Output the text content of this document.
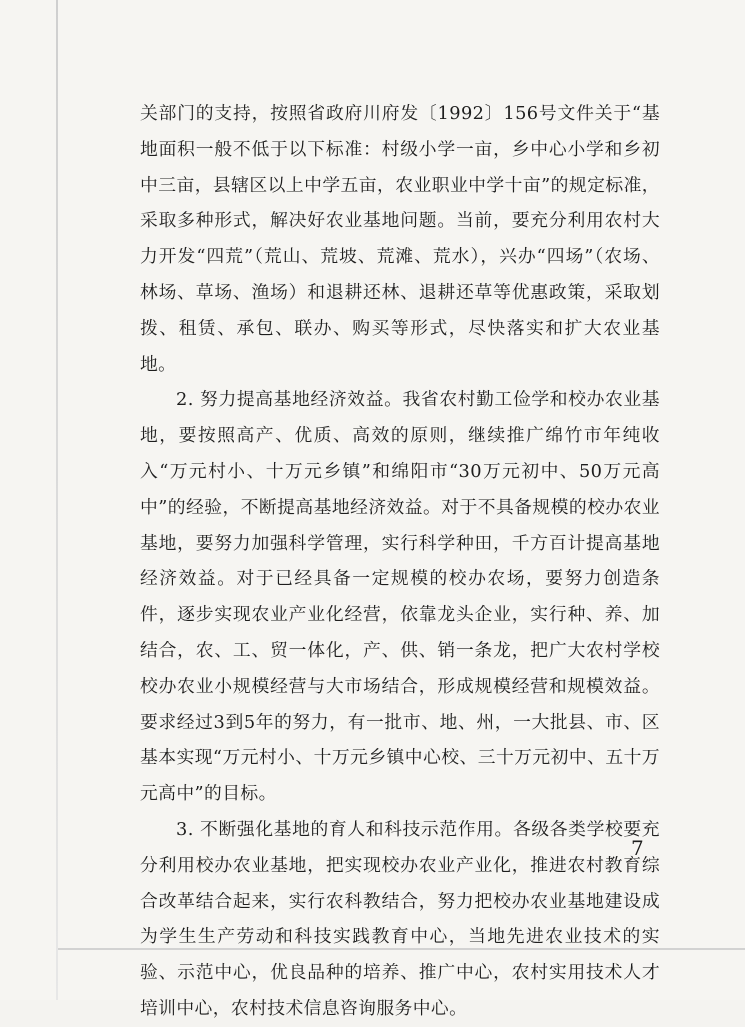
关部门的支持，按照省政府川府发〔1992〕156号文件关于“基地面积一般不低于以下标准：村级小学一亩，乡中心小学和乡初中三亩，县辖区以上中学五亩，农业职业中学十亩”的规定标准，采取多种形式，解决好农业基地问题。当前，要充分利用农村大力开发“四荒”（荒山、荒坡、荒滩、荒水），兴办“四场”（农场、林场、草场、渔场）和退耕还林、退耕还草等优惠政策，采取划拨、租赁、承包、联办、购买等形式，尽快落实和扩大农业基地。

2. 努力提高基地经济效益。我省农村勤工俭学和校办农业基地，要按照高产、优质、高效的原则，继续推广绵竹市年纯收入“万元村小、十万元乡镇”和绵阳市“30万元初中、50万元高中”的经验，不断提高基地经济效益。对于不具备规模的校办农业基地，要努力加强科学管理，实行科学种田，千方百计提高基地经济效益。对于已经具备一定规模的校办农场，要努力创造条件，逐步实现农业产业化经营，依靠龙头企业，实行种、养、加结合，农、工、贸一体化，产、供、销一条龙，把广大农村学校校办农业小规模经营与大市场结合，形成规模经营和规模效益。要求经过3到5年的努力，有一批市、地、州，一大批县、市、区基本实现“万元村小、十万元乡镇中心校、三十万元初中、五十万元高中”的目标。

3. 不断强化基地的育人和科技示范作用。各级各类学校要充分利用校办农业基地，把实现校办农业产业化，推进农村教育综合改革结合起来，实行农科教结合，努力把校办农业基地建设成为学生生产劳动和科技实践教育中心，当地先进农业技术的实验、示范中心，优良品种的培养、推广中心，农村实用技术人才培训中心，农村技术信息咨询服务中心。

7
